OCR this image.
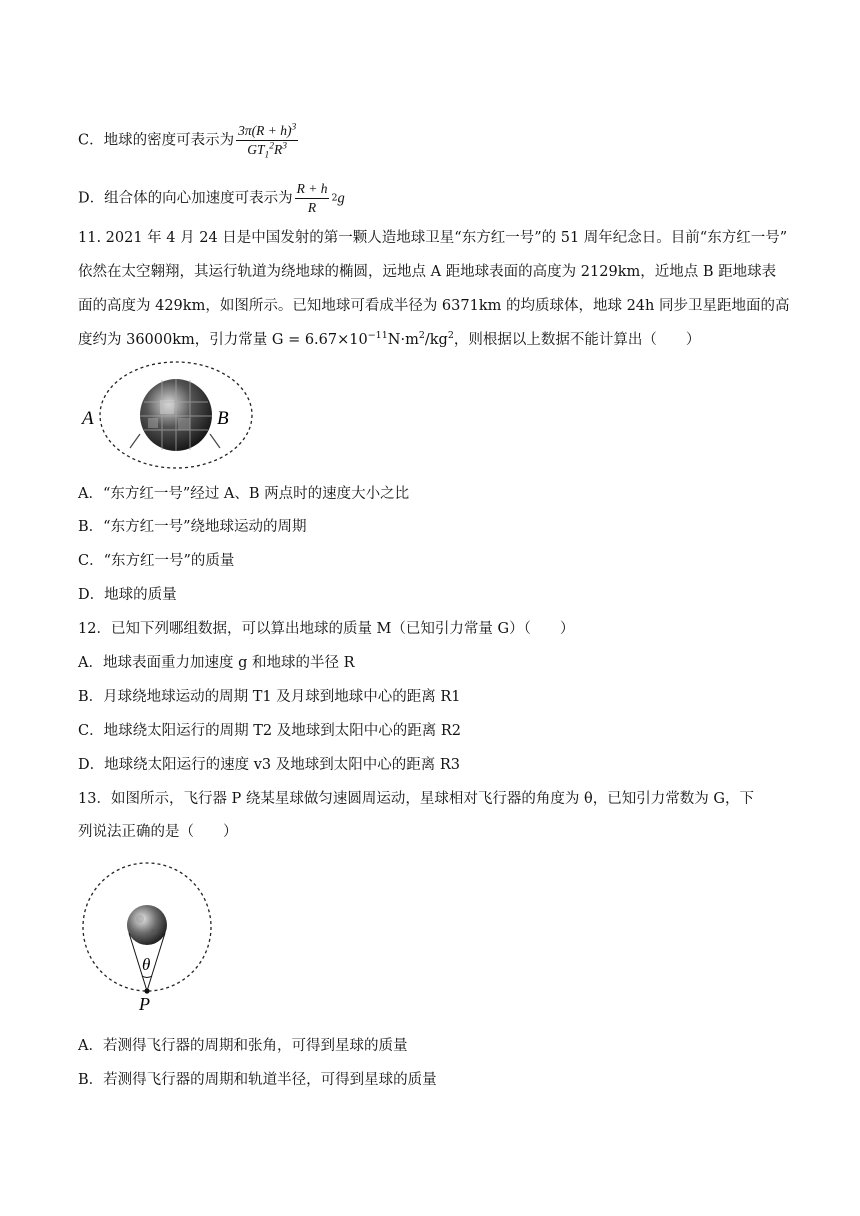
C．地球的密度可表示为 $\frac{3\pi(R + h)^3}{GT_1^2R^3}$
D．组合体的向心加速度可表示为 $\frac{R + h}{R} 2g$
11. 2021 年 4 月 24 日是中国发射的第一颗人造地球卫星“东方红一号”的 51 周年纪念日。目前“东方红一号”
依然在太空翱翔，其运行轨道为绕地球的椭圆，远地点 A 距地球表面的高度为 2129km，近地点 B 距地球表
面的高度为 429km，如图所示。已知地球可看成半径为 6371km 的均质球体，地球 24h 同步卫星距地面的高
度约为 36000km，引力常量 $G = 6.67\times 10^{-11}N\cdot m^2/kg^2$，则根据以上数据不能计算出（　　）
A	B
A．“东方红一号”经过 A、B 两点时的速度大小之比
B．“东方红一号”绕地球运动的周期
C．“东方红一号”的质量
D．地球的质量
12．已知下列哪组数据，可以算出地球的质量 M（已知引力常量 G）（　　）
A．地球表面重力加速度 g 和地球的半径 R
B．月球绕地球运动的周期 T1 及月球到地球中心的距离 R1
C．地球绕太阳运行的周期 T2 及地球到太阳中心的距离 R2
D．地球绕太阳运行的速度 v3 及地球到太阳中心的距离 R3
13．如图所示，飞行器 P 绕某星球做匀速圆周运动，星球相对飞行器的角度为 θ，已知引力常数为 G，下
列说法正确的是（　　）
θ
P
A．若测得飞行器的周期和张角，可得到星球的质量
B．若测得飞行器的周期和轨道半径，可得到星球的质量
